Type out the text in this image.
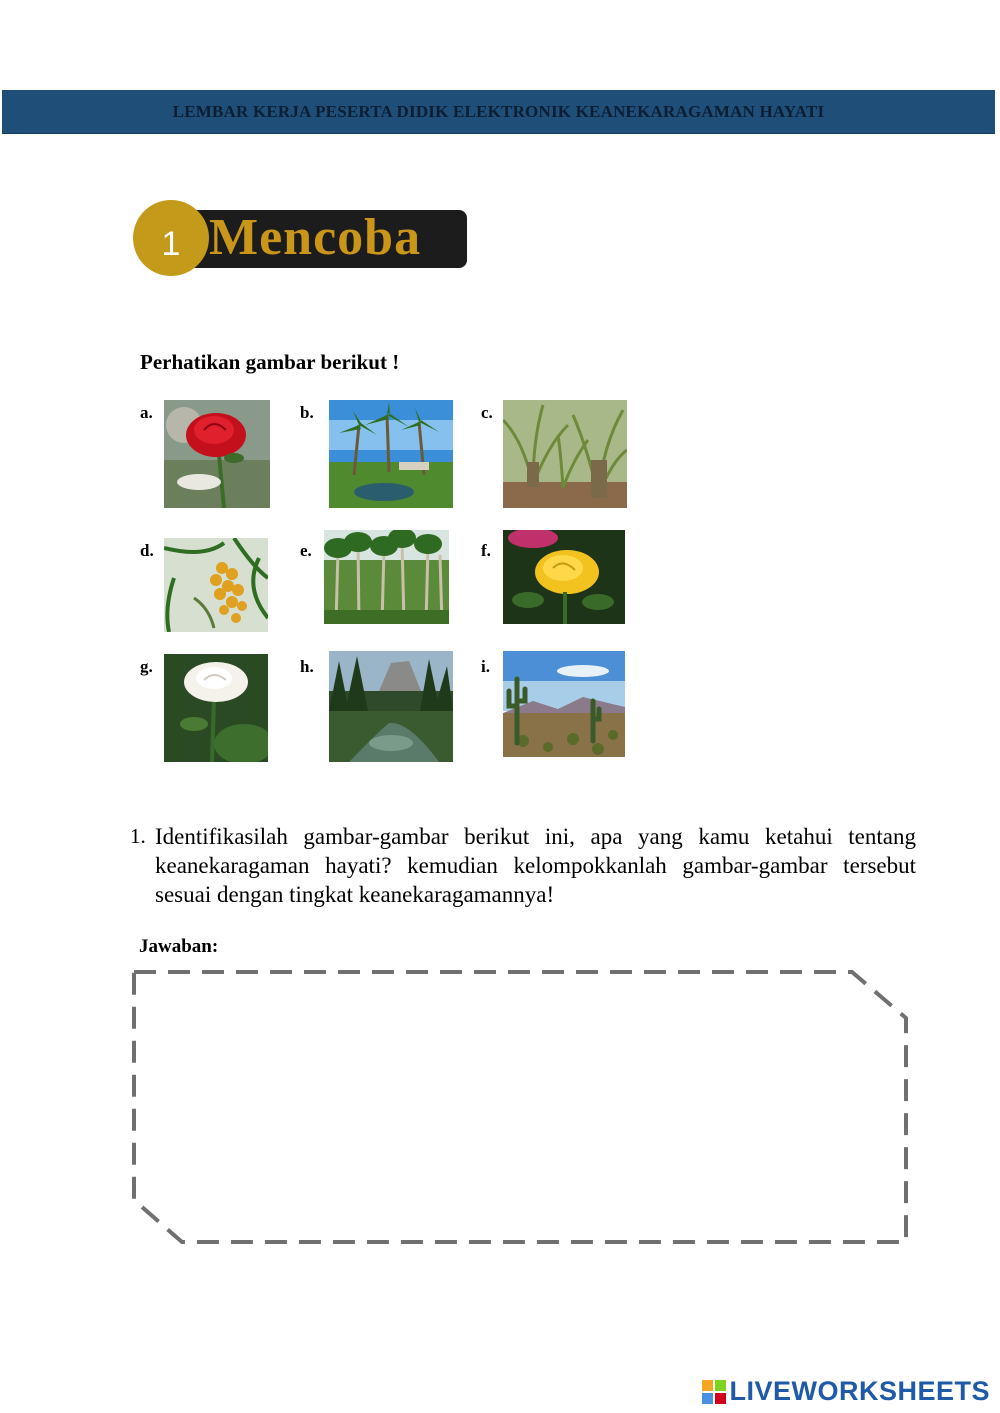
LEMBAR KERJA PESERTA DIDIK ELEKTRONIK KEANEKARAGAMAN HAYATI
1 Mencoba
Perhatikan gambar berikut !
a.	b.	c.
d.	e.	f.
g.	h.	i.
1. Identifikasilah gambar-gambar berikut ini, apa yang kamu ketahui tentang keanekaragaman hayati? kemudian kelompokkanlah gambar-gambar tersebut sesuai dengan tingkat keanekaragamannya!
Jawaban:
LIVEWORKSHEETS
